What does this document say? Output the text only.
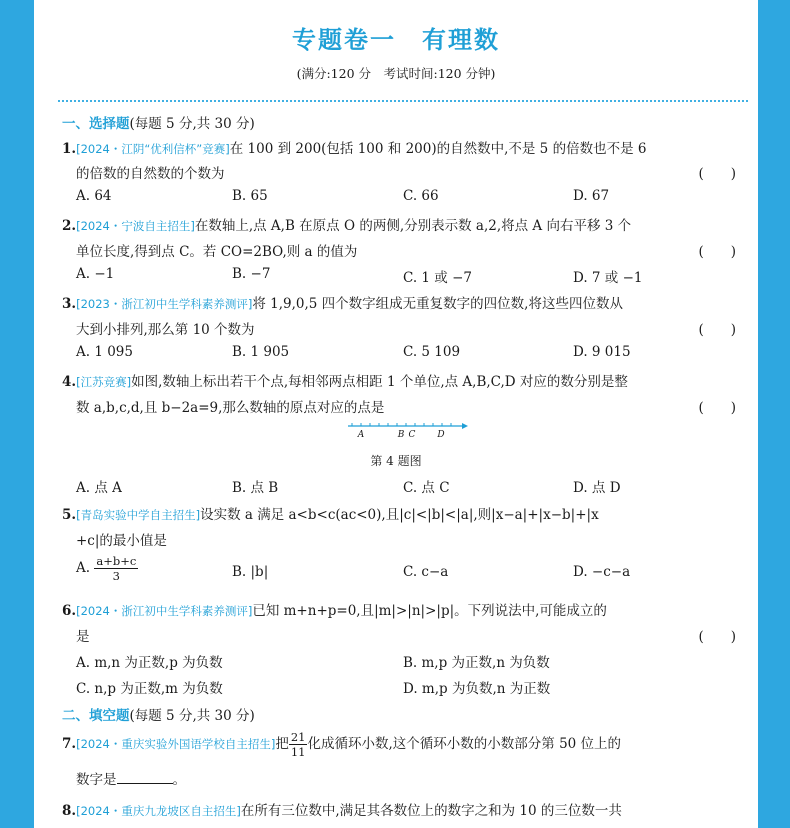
专题卷一　有理数
(满分:120 分　考试时间:120 分钟)
一、选择题(每题 5 分,共 30 分)
1.[2024・江阴“优利信杯”竞赛]在 100 到 200(包括 100 和 200)的自然数中,不是 5 的倍数也不是 6
的倍数的自然数的个数为	(　　)
A. 64	B. 65	C. 66	D. 67
2.[2024・宁波自主招生]在数轴上,点 A,B 在原点 O 的两侧,分别表示数 a,2,将点 A 向右平移 3 个
单位长度,得到点 C。若 CO=2BO,则 a 的值为	(　　)
A. −1	B. −7	C. 1 或 −7	D. 7 或 −1
3.[2023・浙江初中生学科素养测评]将 1,9,0,5 四个数字组成无重复数字的四位数,将这些四位数从
大到小排列,那么第 10 个数为	(　　)
A. 1 095	B. 1 905	C. 5 109	D. 9 015
4.[江苏竞赛]如图,数轴上标出若干个点,每相邻两点相距 1 个单位,点 A,B,C,D 对应的数分别是整
数 a,b,c,d,且 b−2a=9,那么数轴的原点对应的点是	(　　)
A	B C D
第 4 题图
A. 点 A	B. 点 B	C. 点 C	D. 点 D
5.[青岛实验中学自主招生]设实数 a 满足 a<b<c(ac<0),且|c|<|b|<|a|,则|x−a|+|x−b|+|x
+c|的最小值是
A. $\frac{a+b+c}{3}$	B. |b|	C. c−a	D. −c−a
6.[2024・浙江初中生学科素养测评]已知 m+n+p=0,且|m|>|n|>|p|。下列说法中,可能成立的
是	(　　)
A. m,n 为正数,p 为负数	B. m,p 为正数,n 为负数
C. n,p 为正数,m 为负数	D. m,p 为负数,n 为正数
二、填空题(每题 5 分,共 30 分)
7.[2024・重庆实验外国语学校自主招生]把 $\frac{21}{11}$ 化成循环小数,这个循环小数的小数部分第 50 位上的
数字是	。
8.[2024・重庆九龙坡区自主招生]在所有三位数中,满足其各数位上的数字之和为 10 的三位数一共
